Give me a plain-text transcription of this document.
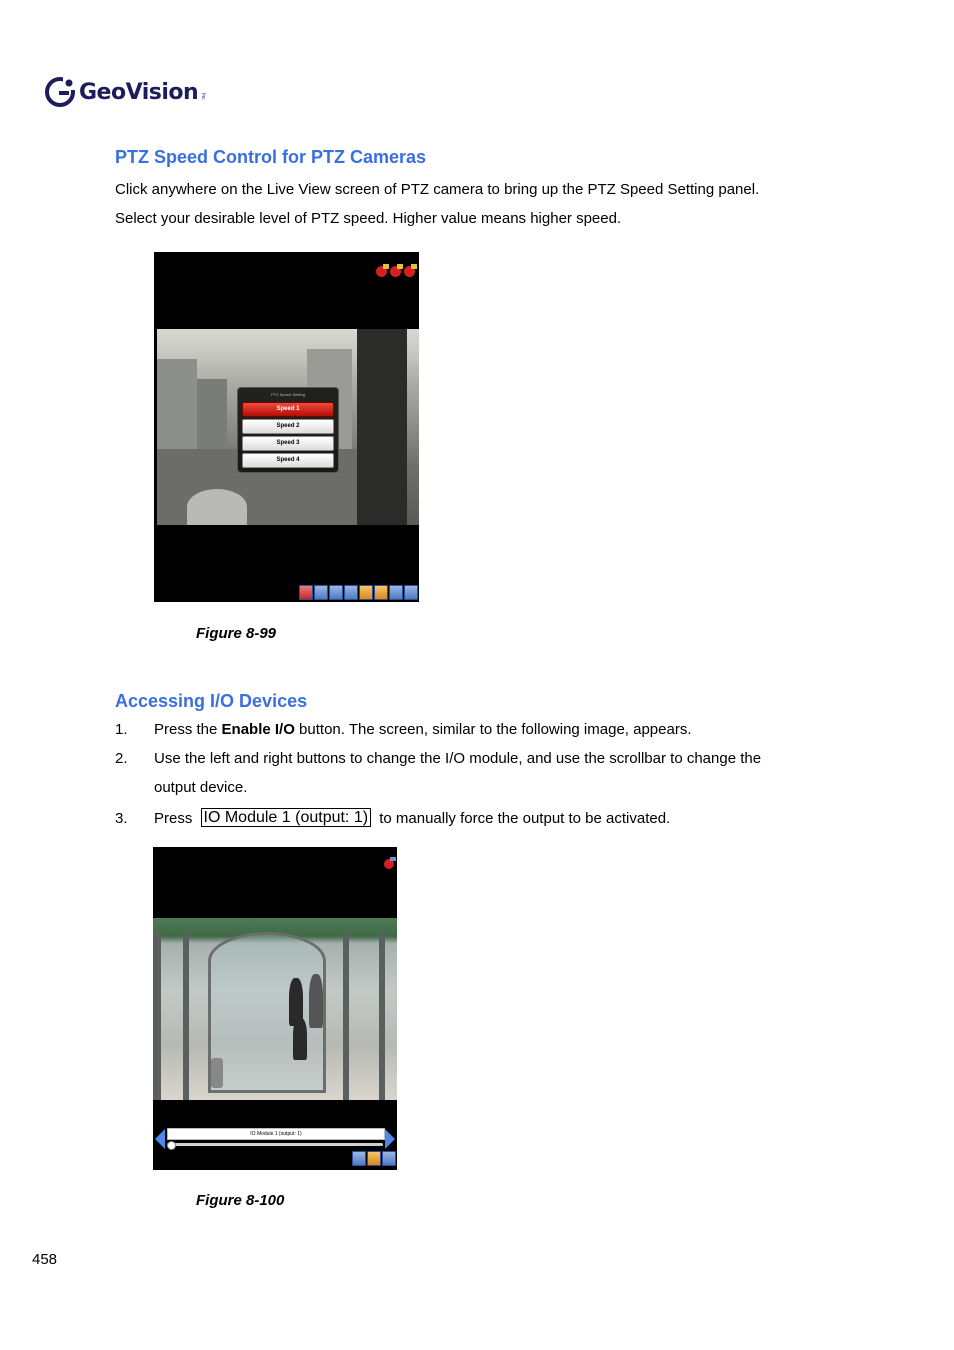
GeoVision Inc.
PTZ Speed Control for PTZ Cameras

Click anywhere on the Live View screen of PTZ camera to bring up the PTZ Speed Setting panel.

Select your desirable level of PTZ speed. Higher value means higher speed.

PTZ Speed Setting
Speed 1
Speed 2
Speed 3
Speed 4
Figure 8-99
Accessing I/O Devices
1. Press the Enable I/O button. The screen, similar to the following image, appears.
2. Use the left and right buttons to change the I/O module, and use the scrollbar to change the
output device.
3. Press IO Module 1 (output: 1) to manually force the output to be activated.
IO Module 1 (output: 1)
Figure 8-100
458
